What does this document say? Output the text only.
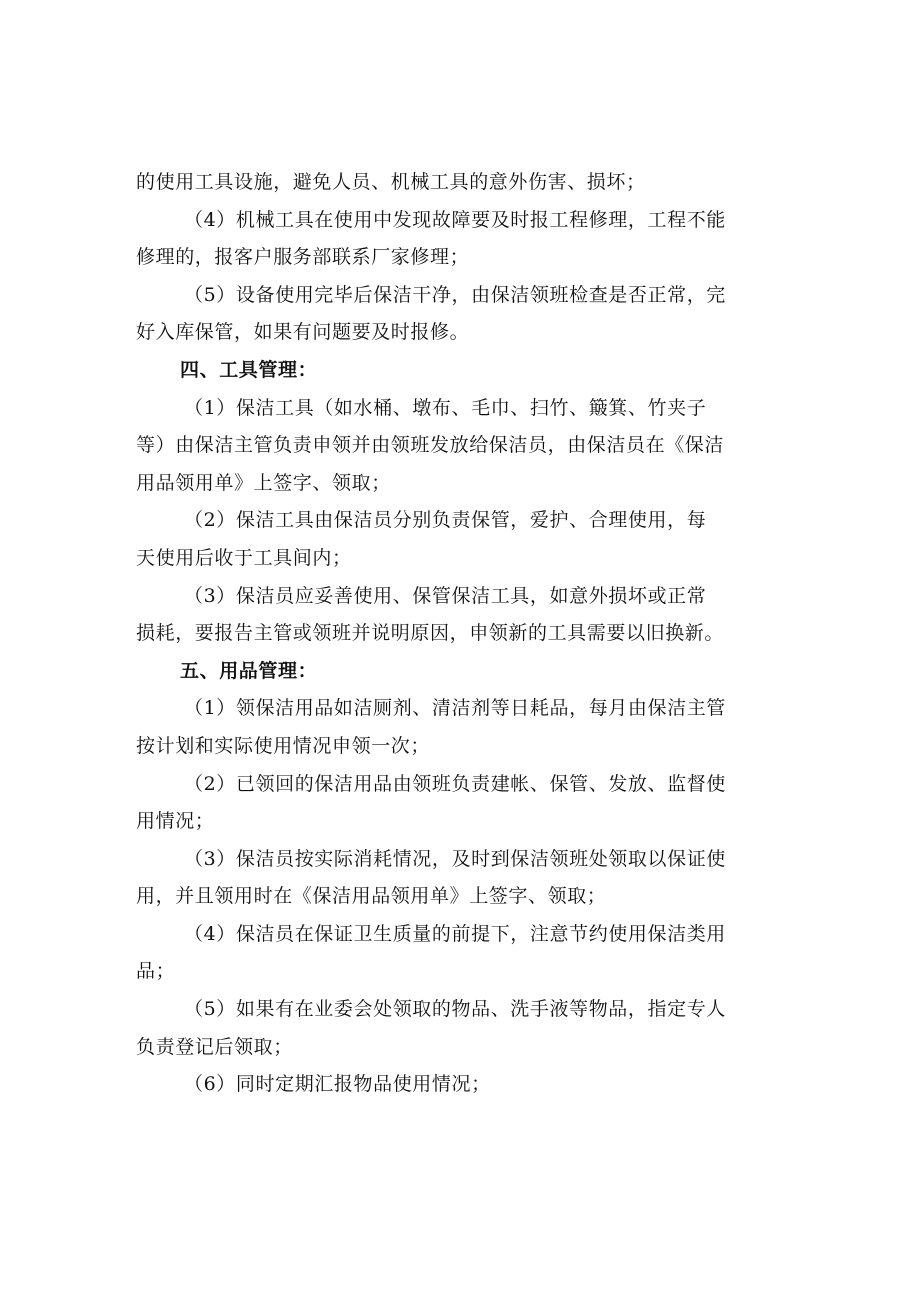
的使用工具设施，避免人员、机械工具的意外伤害、损坏；

（4）机械工具在使用中发现故障要及时报工程修理，工程不能
修理的，报客户服务部联系厂家修理；

（5）设备使用完毕后保洁干净，由保洁领班检查是否正常，完
好入库保管，如果有问题要及时报修。

四、工具管理：

（1）保洁工具（如水桶、墩布、毛巾、扫竹、簸箕、竹夹子
等）由保洁主管负责申领并由领班发放给保洁员，由保洁员在《保洁
用品领用单》上签字、领取；

（2）保洁工具由保洁员分别负责保管，爱护、合理使用，每
天使用后收于工具间内；

（3）保洁员应妥善使用、保管保洁工具，如意外损坏或正常
损耗，要报告主管或领班并说明原因，申领新的工具需要以旧换新。

五、用品管理：

（1）领保洁用品如洁厕剂、清洁剂等日耗品，每月由保洁主管
按计划和实际使用情况申领一次；

（2）已领回的保洁用品由领班负责建帐、保管、发放、监督使
用情况；

（3）保洁员按实际消耗情况，及时到保洁领班处领取以保证使
用，并且领用时在《保洁用品领用单》上签字、领取；

（4）保洁员在保证卫生质量的前提下，注意节约使用保洁类用
品；

（5）如果有在业委会处领取的物品、洗手液等物品，指定专人
负责登记后领取；

（6）同时定期汇报物品使用情况；
